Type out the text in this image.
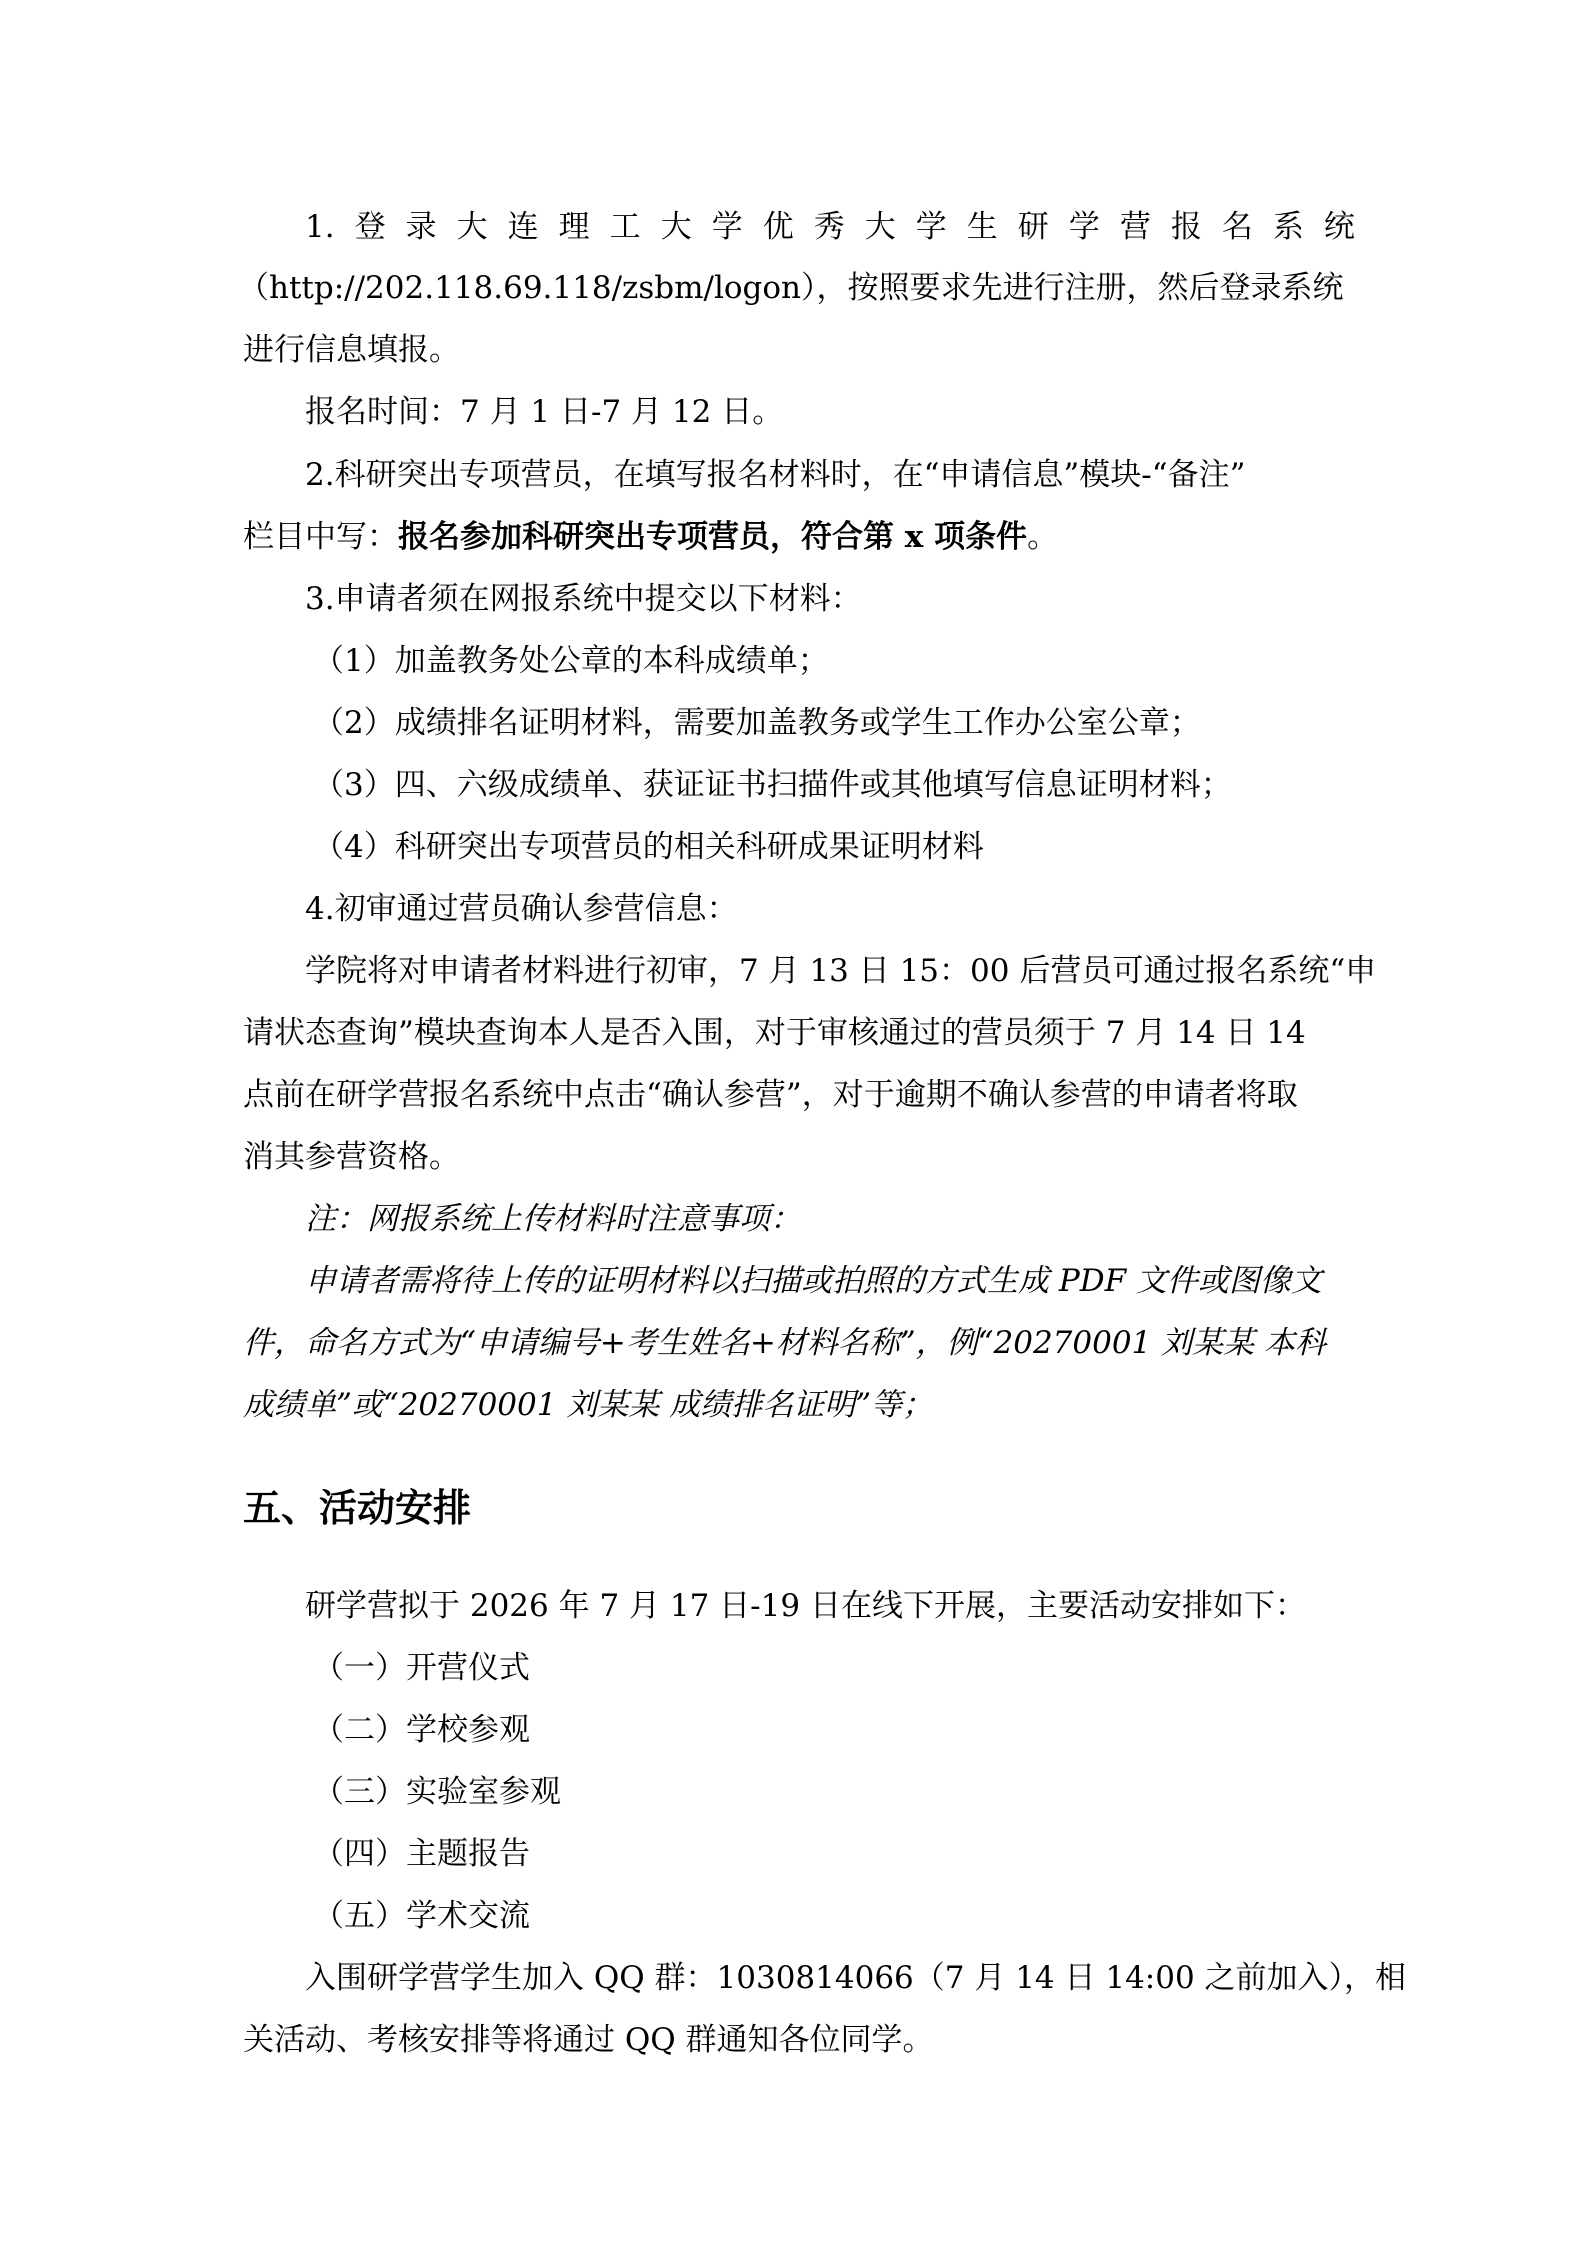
1. 登 录 大 连 理 工 大 学 优 秀 大 学 生 研 学 营 报 名 系 统

（http://202.118.69.118/zsbm/logon），按照要求先进行注册，然后登录系统

进行信息填报。

报名时间：7 月 1 日-7 月 12 日。

2.科研突出专项营员，在填写报名材料时，在“申请信息”模块-“备注”

栏目中写：报名参加科研突出专项营员，符合第 x 项条件。

3.申请者须在网报系统中提交以下材料：

（1）加盖教务处公章的本科成绩单；

（2）成绩排名证明材料，需要加盖教务或学生工作办公室公章；

（3）四、六级成绩单、获证证书扫描件或其他填写信息证明材料；

（4）科研突出专项营员的相关科研成果证明材料

4.初审通过营员确认参营信息：

学院将对申请者材料进行初审，7 月 13 日 15：00 后营员可通过报名系统“申

请状态查询”模块查询本人是否入围，对于审核通过的营员须于 7 月 14 日 14

点前在研学营报名系统中点击“确认参营”，对于逾期不确认参营的申请者将取

消其参营资格。

注：网报系统上传材料时注意事项：

申请者需将待上传的证明材料以扫描或拍照的方式生成 PDF 文件或图像文

件，命名方式为“申请编号+考生姓名+材料名称”，例“20270001 刘某某 本科

成绩单”或“20270001 刘某某 成绩排名证明”等；

五、活动安排

研学营拟于 2026 年 7 月 17 日-19 日在线下开展，主要活动安排如下：

（一）开营仪式

（二）学校参观

（三）实验室参观

（四）主题报告

（五）学术交流

入围研学营学生加入 QQ 群：1030814066（7 月 14 日 14:00 之前加入），相

关活动、考核安排等将通过 QQ 群通知各位同学。
